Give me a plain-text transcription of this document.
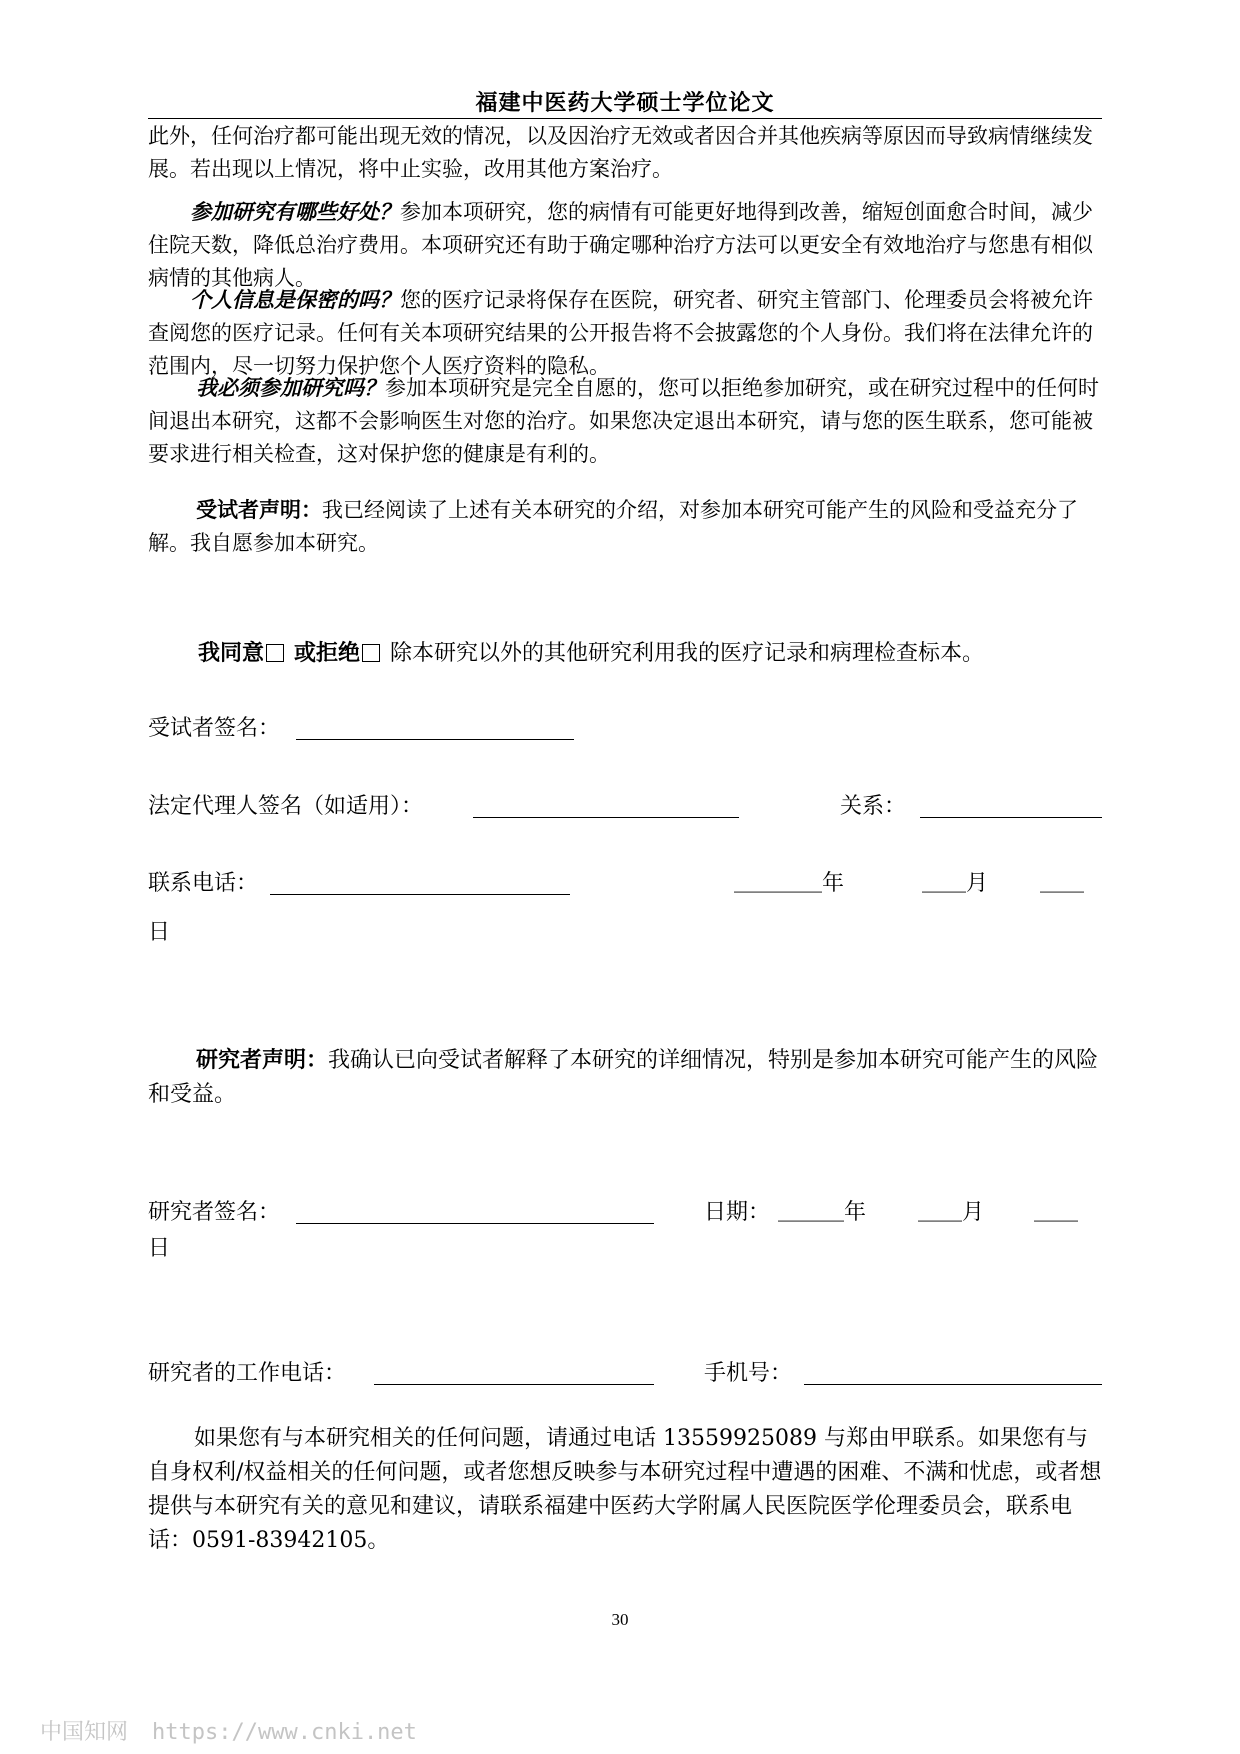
福建中医药大学硕士学位论文

此外，任何治疗都可能出现无效的情况，以及因治疗无效或者因合并其他疾病等原因而导致病情继续发展。若出现以上情况，将中止实验，改用其他方案治疗。

参加研究有哪些好处？参加本项研究，您的病情有可能更好地得到改善，缩短创面愈合时间，减少住院天数，降低总治疗费用。本项研究还有助于确定哪种治疗方法可以更安全有效地治疗与您患有相似病情的其他病人。

个人信息是保密的吗？您的医疗记录将保存在医院，研究者、研究主管部门、伦理委员会将被允许查阅您的医疗记录。任何有关本项研究结果的公开报告将不会披露您的个人身份。我们将在法律允许的范围内，尽一切努力保护您个人医疗资料的隐私。

我必须参加研究吗？参加本项研究是完全自愿的，您可以拒绝参加研究，或在研究过程中的任何时间退出本研究，这都不会影响医生对您的治疗。如果您决定退出本研究，请与您的医生联系，您可能被要求进行相关检查，这对保护您的健康是有利的。

受试者声明：我已经阅读了上述有关本研究的介绍，对参加本研究可能产生的风险和受益充分了解。我自愿参加本研究。

我同意 或拒绝 除本研究以外的其他研究利用我的医疗记录和病理检查标本。
受试者签名：
法定代理人签名（如适用）：	关系：
联系电话：	＿＿＿＿年	＿＿月 ＿＿
日

研究者声明：我确认已向受试者解释了本研究的详细情况，特别是参加本研究可能产生的风险和受益。

研究者签名：	日期： ＿＿＿年 ＿＿月 ＿＿
日
研究者的工作电话：	手机号：

如果您有与本研究相关的任何问题，请通过电话 13559925089 与郑由甲联系。如果您有与自身权利/权益相关的任何问题，或者您想反映参与本研究过程中遭遇的困难、不满和忧虑，或者想提供与本研究有关的意见和建议，请联系福建中医药大学附属人民医院医学伦理委员会，联系电话：0591-83942105。

30
中国知网 https://www.cnki.net
